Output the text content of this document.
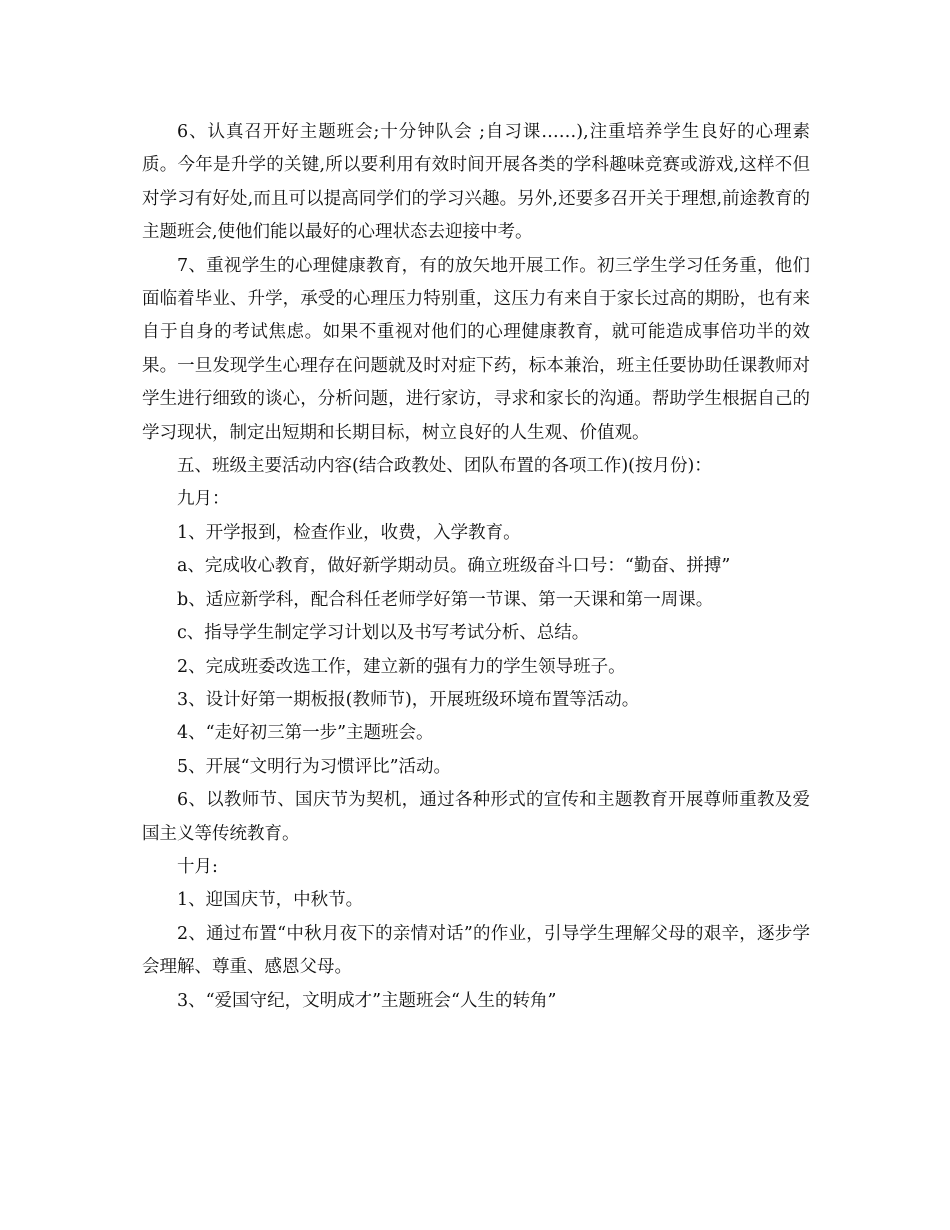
6、认真召开好主题班会;十分钟队会 ;自习课……),注重培养学生良好的心理素质。今年是升学的关键,所以要利用有效时间开展各类的学科趣味竞赛或游戏,这样不但对学习有好处,而且可以提高同学们的学习兴趣。另外,还要多召开关于理想,前途教育的主题班会,使他们能以最好的心理状态去迎接中考。

7、重视学生的心理健康教育，有的放矢地开展工作。初三学生学习任务重，他们面临着毕业、升学，承受的心理压力特别重，这压力有来自于家长过高的期盼，也有来自于自身的考试焦虑。如果不重视对他们的心理健康教育，就可能造成事倍功半的效果。一旦发现学生心理存在问题就及时对症下药，标本兼治，班主任要协助任课教师对学生进行细致的谈心，分析问题，进行家访，寻求和家长的沟通。帮助学生根据自己的学习现状，制定出短期和长期目标，树立良好的人生观、价值观。

五、班级主要活动内容(结合政教处、团队布置的各项工作)(按月份)：

九月：

1、开学报到，检查作业，收费，入学教育。

a、完成收心教育，做好新学期动员。确立班级奋斗口号：“勤奋、拼搏”

b、适应新学科，配合科任老师学好第一节课、第一天课和第一周课。

c、指导学生制定学习计划以及书写考试分析、总结。

2、完成班委改选工作，建立新的强有力的学生领导班子。

3、设计好第一期板报(教师节)，开展班级环境布置等活动。

4、“走好初三第一步”主题班会。

5、开展“文明行为习惯评比”活动。

6、以教师节、国庆节为契机，通过各种形式的宣传和主题教育开展尊师重教及爱国主义等传统教育。

十月:

1、迎国庆节，中秋节。

2、通过布置“中秋月夜下的亲情对话”的作业，引导学生理解父母的艰辛，逐步学会理解、尊重、感恩父母。

3、“爱国守纪，文明成才”主题班会“人生的转角”
